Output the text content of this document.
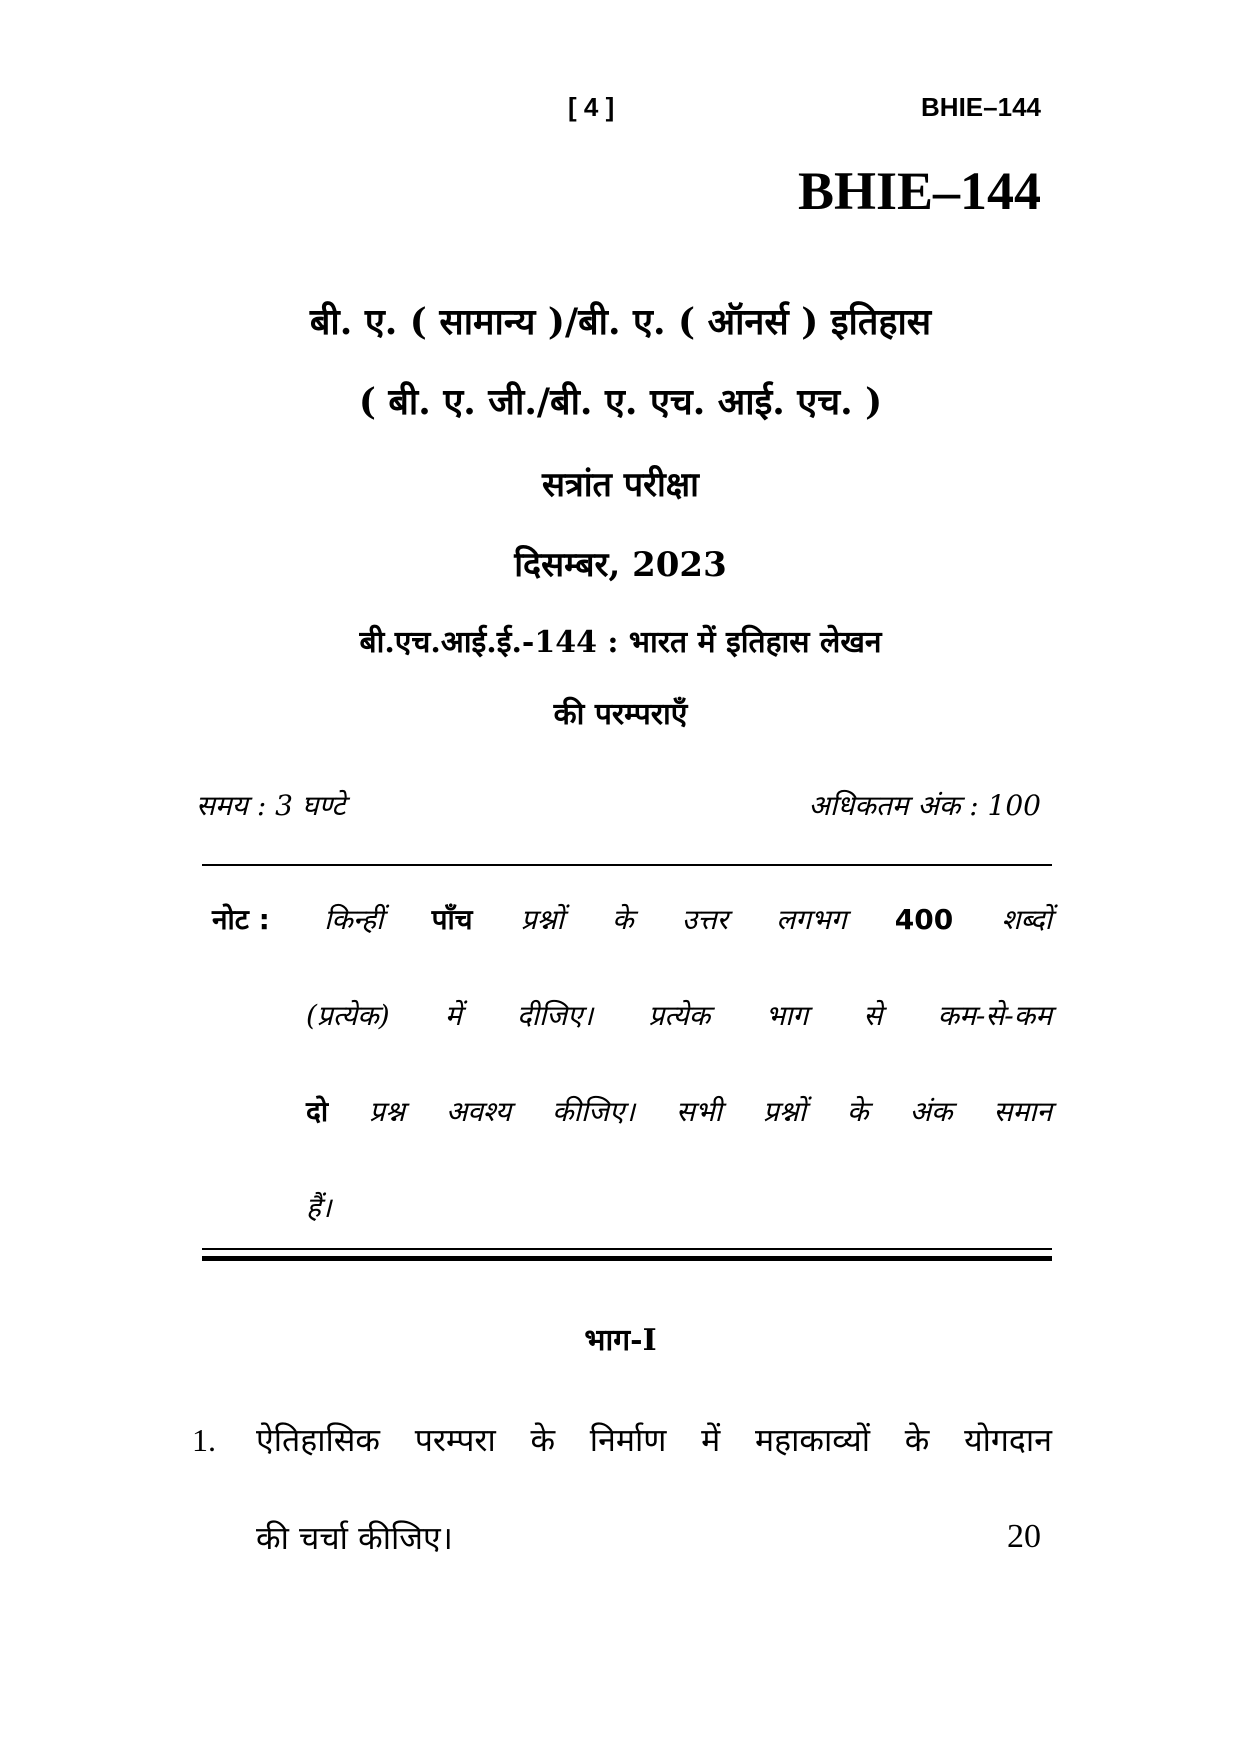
[ 4 ]	BHIE–144
BHIE–144
बी. ए. ( सामान्य )/बी. ए. ( ऑनर्स ) इतिहास
( बी. ए. जी./बी. ए. एच. आई. एच. )
सत्रांत परीक्षा
दिसम्बर, 2023
बी.एच.आई.ई.-144 : भारत में इतिहास लेखन
की परम्पराएँ
समय : 3 घण्टे	अधिकतम अंक : 100
नोट : किन्हीं पाँच प्रश्नों के उत्तर लगभग 400 शब्दों
(प्रत्येक) में दीजिए। प्रत्येक भाग से कम-से-कम
दो प्रश्न अवश्य कीजिए। सभी प्रश्नों के अंक समान
हैं।
भाग-I
1. ऐतिहासिक परम्परा के निर्माण में महाकाव्यों के योगदान
की चर्चा कीजिए।	20
